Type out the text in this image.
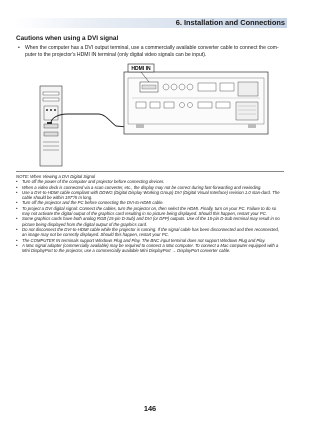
6. Installation and Connections
Cautions when using a DVI signal
• When the computer has a DVI output terminal, use a commercially available converter cable to connect the com-puter to the projector's HDMI IN terminal (only digital video signals can be input).
HDMI IN
NOTE: When Viewing a DVI Digital Signal
• Turn off the power of the computer and projector before connecting devices.
• When a video deck is connected via a scan converter, etc., the display may not be correct during fast-forwarding and rewinding.
• Use a DVI-to-HDMI cable compliant with DDWG (Digital Display Working Group) DVI (Digital Visual Interface) revision 1.0 stan-dard. The cable should be within 197"/5 m long.
• Turn off the projector and the PC before connecting the DVI-to-HDMI cable.
• To project a DVI digital signal: Connect the cables, turn the projector on, then select the HDMI. Finally, turn on your PC. Failure to do so may not activate the digital output of the graphics card resulting in no picture being displayed. Should this happen, restart your PC.
• Some graphics cards have both analog RGB (15-pin D-Sub) and DVI (or DFP) outputs. Use of the 15-pin D-Sub terminal may result in no picture being displayed from the digital output of the graphics card.
• Do not disconnect the DVI-to-HDMI cable while the projector is running. If the signal cable has been disconnected and then reconnected, an image may not be correctly displayed. Should this happen, restart your PC.
• The COMPUTER IN terminals support Windows Plug and Play. The BNC input terminal does not support Windows Plug and Play.
• A Mac signal adapter (commercially available) may be required to connect a Mac computer. To connect a Mac computer equipped with a Mini DisplayPort to the projector, use a commercially available Mini DisplayPort → DisplayPort converter cable.
146
